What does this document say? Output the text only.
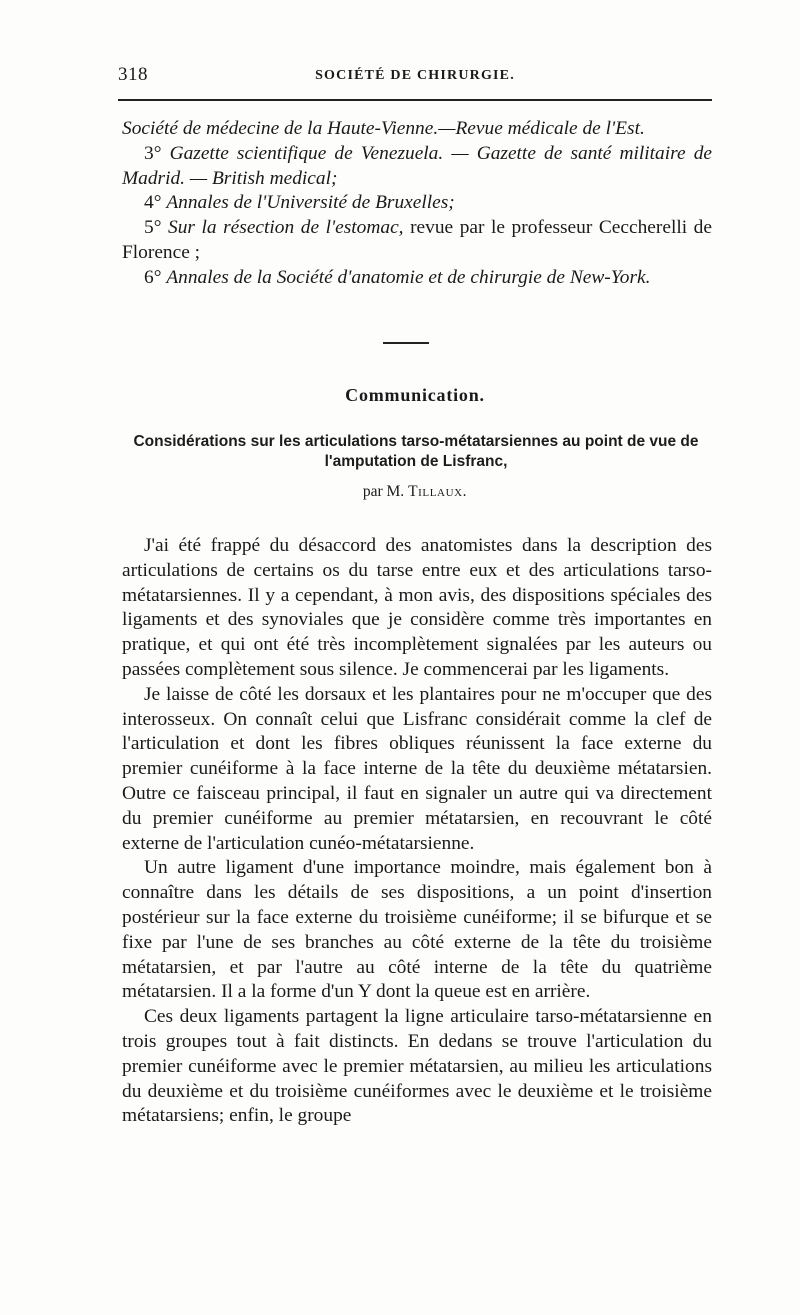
318	SOCIÉTÉ DE CHIRURGIE.

Société de médecine de la Haute-Vienne.—Revue médicale de l'Est.

3° Gazette scientifique de Venezuela. — Gazette de santé militaire de Madrid. — British medical;

4° Annales de l'Université de Bruxelles;

5° Sur la résection de l'estomac, revue par le professeur Ceccherelli de Florence ;

6° Annales de la Société d'anatomie et de chirurgie de New-York.

Communication.
Considérations sur les articulations tarso-métatarsiennes au point de vue de l'amputation de Lisfranc,
par M. Tillaux.

J'ai été frappé du désaccord des anatomistes dans la description des articulations de certains os du tarse entre eux et des articulations tarso-métatarsiennes. Il y a cependant, à mon avis, des dispositions spéciales des ligaments et des synoviales que je considère comme très importantes en pratique, et qui ont été très incomplètement signalées par les auteurs ou passées complètement sous silence. Je commencerai par les ligaments.

Je laisse de côté les dorsaux et les plantaires pour ne m'occuper que des interosseux. On connaît celui que Lisfranc considérait comme la clef de l'articulation et dont les fibres obliques réunissent la face externe du premier cunéiforme à la face interne de la tête du deuxième métatarsien. Outre ce faisceau principal, il faut en signaler un autre qui va directement du premier cunéiforme au premier métatarsien, en recouvrant le côté externe de l'articulation cunéo-métatarsienne.

Un autre ligament d'une importance moindre, mais également bon à connaître dans les détails de ses dispositions, a un point d'insertion postérieur sur la face externe du troisième cunéiforme; il se bifurque et se fixe par l'une de ses branches au côté externe de la tête du troisième métatarsien, et par l'autre au côté interne de la tête du quatrième métatarsien. Il a la forme d'un Y dont la queue est en arrière.

Ces deux ligaments partagent la ligne articulaire tarso-métatarsienne en trois groupes tout à fait distincts. En dedans se trouve l'articulation du premier cunéiforme avec le premier métatarsien, au milieu les articulations du deuxième et du troisième cunéiformes avec le deuxième et le troisième métatarsiens; enfin, le groupe
